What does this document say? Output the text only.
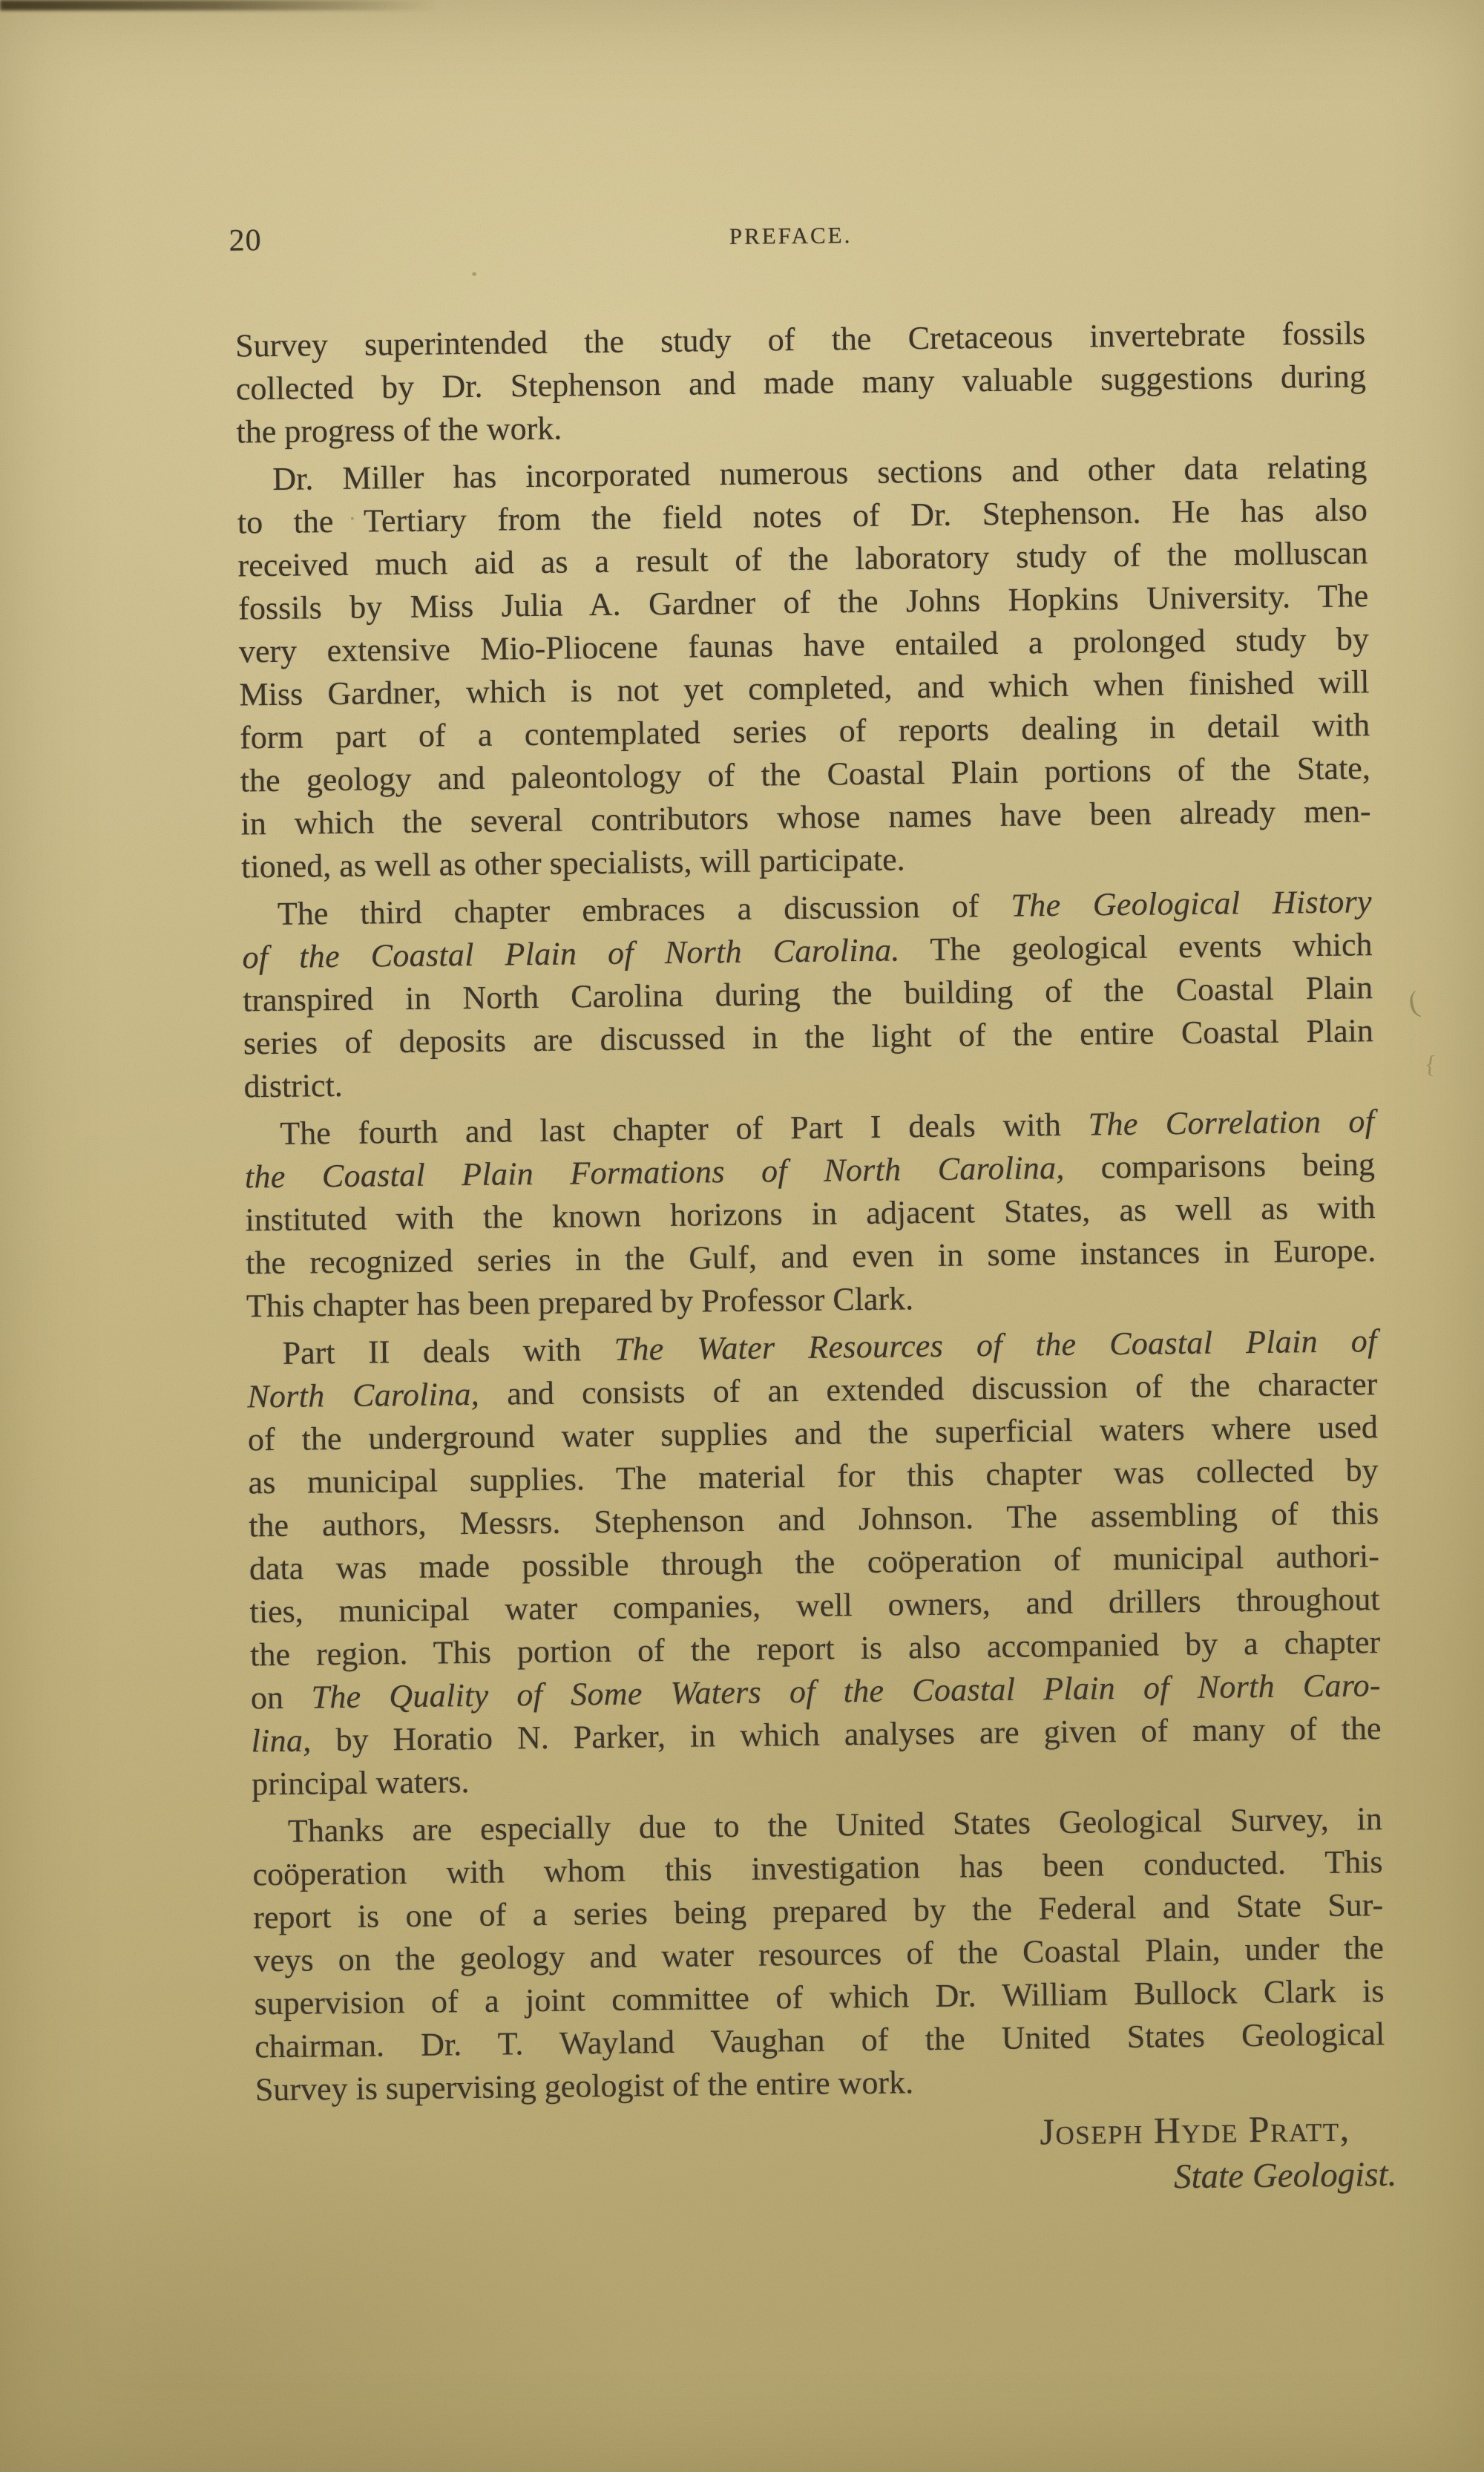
20	PREFACE.
Survey superintended the study of the Cretaceous invertebrate fossils
collected by Dr. Stephenson and made many valuable suggestions during
the progress of the work.
Dr. Miller has incorporated numerous sections and other data relating
to the Tertiary from the field notes of Dr. Stephenson. He has also
received much aid as a result of the laboratory study of the molluscan
fossils by Miss Julia A. Gardner of the Johns Hopkins University. The
very extensive Mio-Pliocene faunas have entailed a prolonged study by
Miss Gardner, which is not yet completed, and which when finished will
form part of a contemplated series of reports dealing in detail with
the geology and paleontology of the Coastal Plain portions of the State,
in which the several contributors whose names have been already men-
tioned, as well as other specialists, will participate.
The third chapter embraces a discussion of The Geological History
of the Coastal Plain of North Carolina. The geological events which
transpired in North Carolina during the building of the Coastal Plain
series of deposits are discussed in the light of the entire Coastal Plain
district.
The fourth and last chapter of Part I deals with The Correlation of
the Coastal Plain Formations of North Carolina, comparisons being
instituted with the known horizons in adjacent States, as well as with
the recognized series in the Gulf, and even in some instances in Europe.
This chapter has been prepared by Professor Clark.
Part II deals with The Water Resources of the Coastal Plain of
North Carolina, and consists of an extended discussion of the character
of the underground water supplies and the superficial waters where used
as municipal supplies. The material for this chapter was collected by
the authors, Messrs. Stephenson and Johnson. The assembling of this
data was made possible through the coöperation of municipal authori-
ties, municipal water companies, well owners, and drillers throughout
the region. This portion of the report is also accompanied by a chapter
on The Quality of Some Waters of the Coastal Plain of North Caro-
lina, by Horatio N. Parker, in which analyses are given of many of the
principal waters.
Thanks are especially due to the United States Geological Survey, in
coöperation with whom this investigation has been conducted. This
report is one of a series being prepared by the Federal and State Sur-
veys on the geology and water resources of the Coastal Plain, under the
supervision of a joint committee of which Dr. William Bullock Clark is
chairman. Dr. T. Wayland Vaughan of the United States Geological
Survey is supervising geologist of the entire work.
Joseph Hyde Pratt,
State Geologist.
(
{
